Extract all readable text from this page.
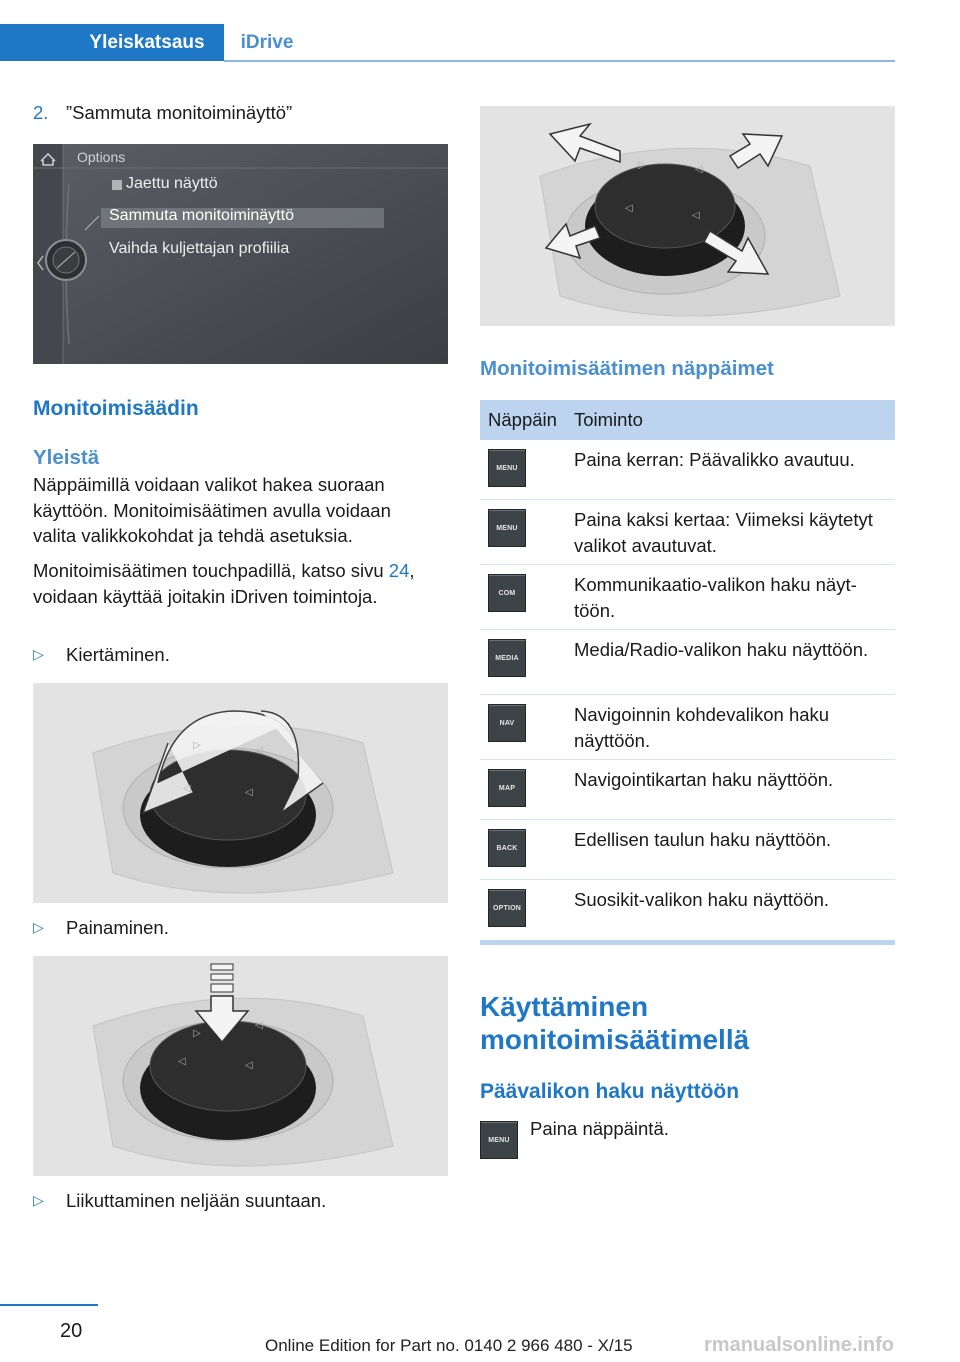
Yleiskatsaus	iDrive
2. ”Sammuta monitoiminäyttö”
Options
Jaettu näyttö
Sammuta monitoiminäyttö
Vaihda kuljettajan profiilia
Monitoimisäädin
Yleistä
Näppäimillä voidaan valikot hakea suoraan käyttöön. Monitoimisäätimen avulla voidaan valita valikkokohdat ja tehdä asetuksia.
Monitoimisäätimen touchpadillä, katso sivu 24, voidaan käyttää joitakin iDriven toimintoja.
▷	Kiertäminen.
▷	◁
◁	◁
▷	Painaminen.
▷
◁
◁	◁
▷	Liikuttaminen neljään suuntaan.
▷	◁
◁
◁
Monitoimisäätimen näppäimet
Näppäin Toiminto
MENU	Paina kerran: Päävalikko avautuu.
MENU	Paina kaksi kertaa: Viimeksi käytetyt valikot avautuvat.
COM	Kommunikaatio-valikon haku näyttöön.
MEDIA	Media/Radio-valikon haku näyttöön.
NAV	Navigoinnin kohdevalikon haku näyttöön.
MAP	Navigointikartan haku näyttöön.
BACK	Edellisen taulun haku näyttöön.
OPTION	Suosikit-valikon haku näyttöön.
Käyttäminen monitoimisäätimellä
Päävalikon haku näyttöön
MENU
Paina näppäintä.
20
Online Edition for Part no. 0140 2 966 480 - X/15	rmanualsonline.info
